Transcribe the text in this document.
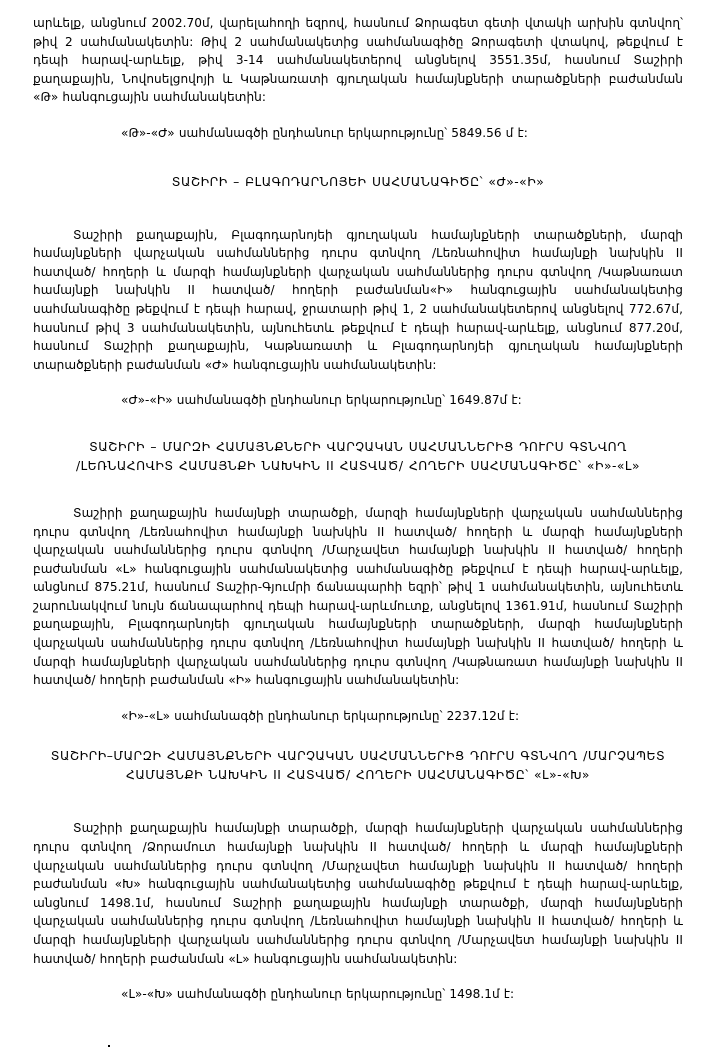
արևելք, անցնում 2002.70մ, վարելահողի եզրով, հասնում Ձորագետ գետի վտակի արխին գտնվող՝ թիվ 2 սահմանակետին: Թիվ 2 սահմանակետից սահմանագիծը Ձորագետի վտակով, թեքվում է դեպի հարավ-արևելք, թիվ 3-14 սահմանակետերով անցնելով 3551.35մ, հասնում Տաշիրի քաղաքային, Նովոսելցովոյի և Կաթնառատի գյուղական համայնքների տարածքների բաժանման «Թ» հանգուցային սահմանակետին:

«Թ»-«Ժ» սահմանագծի ընդհանուր երկարությունը՝ 5849.56 մ է:

ՏԱՇԻՐԻ – ԲԼԱԳՈԴԱՐՆՈՅԵԻ ՍԱՀՄԱՆԱԳԻԾԸ՝ «Ժ»-«Ի»

Տաշիրի քաղաքային, Բլագոդարնոյեի գյուղական համայնքների տարածքների, մարզի համայնքների վարչական սահմաններից դուրս գտնվող /Լեռնահովիտ համայնքի նախկին II հատված/ հողերի և մարզի համայնքների վարչական սահմաններից դուրս գտնվող /Կաթնառատ համայնքի նախկին II հատված/ հողերի բաժանման«Ի» հանգուցային սահմանակետից սահմանագիծը թեքվում է դեպի հարավ, ջրատարի թիվ 1, 2 սահմանակետերով անցնելով 772.67մ, հասնում թիվ 3 սահմանակետին, այնուհետև թեքվում է դեպի հարավ-արևելք, անցնում 877.20մ, հասնում Տաշիրի քաղաքային, Կաթնառատի և Բլագոդարնոյեի գյուղական համայնքների տարածքների բաժանման «Ժ» հանգուցային սահմանակետին:

«Ժ»-«Ի» սահմանագծի ընդհանուր երկարությունը՝ 1649.87մ է:

ՏԱՇԻՐԻ – ՄԱՐԶԻ ՀԱՄԱՅՆՔՆԵՐԻ ՎԱՐՉԱԿԱՆ ՍԱՀՄԱՆՆԵՐԻՑ ԴՈՒՐՍ ԳՏՆՎՈՂ

/ԼԵՌՆԱՀՈՎԻՏ ՀԱՄԱՅՆՔԻ ՆԱԽԿԻՆ II ՀԱՏՎԱԾ/ ՀՈՂԵՐԻ ՍԱՀՄԱՆԱԳԻԾԸ՝ «Ի»-«Լ»

Տաշիրի քաղաքային համայնքի տարածքի, մարզի համայնքների վարչական սահմաններից դուրս գտնվող /Լեռնահովիտ համայնքի նախկին II հատված/ հողերի և մարզի համայնքների վարչական սահմաններից դուրս գտնվող /Մարչավետ համայնքի նախկին II հատված/ հողերի բաժանման «Լ» հանգուցային սահմանակետից սահմանագիծը թեքվում է դեպի հարավ-արևելք, անցնում 875.21մ, հասնում Տաշիր-Գյումրի ճանապարհի եզրի՝ թիվ 1 սահմանակետին, այնուհետև շարունակվում նույն ճանապարհով դեպի հարավ-արևմուտք, անցնելով 1361.91մ, հասնում Տաշիրի քաղաքային, Բլագոդարնոյեի գյուղական համայնքների տարածքների, մարզի համայնքների վարչական սահմաններից դուրս գտնվող /Լեռնահովիտ համայնքի նախկին II հատված/ հողերի և մարզի համայնքների վարչական սահմաններից դուրս գտնվող /Կաթնառատ համայնքի նախկին II հատված/ հողերի բաժանման «Ի» հանգուցային սահմանակետին:

«Ի»-«Լ» սահմանագծի ընդհանուր երկարությունը՝ 2237.12մ է:

ՏԱՇԻՐԻ–ՄԱՐԶԻ ՀԱՄԱՅՆՔՆԵՐԻ ՎԱՐՉԱԿԱՆ ՍԱՀՄԱՆՆԵՐԻՑ ԴՈՒՐՍ ԳՏՆՎՈՂ /ՄԱՐՉԱՊԵՏ

ՀԱՄԱՅՆՔԻ ՆԱԽԿԻՆ II ՀԱՏՎԱԾ/ ՀՈՂԵՐԻ ՍԱՀՄԱՆԱԳԻԾԸ՝ «Լ»-«Խ»

Տաշիրի քաղաքային համայնքի տարածքի, մարզի համայնքների վարչական սահմաններից դուրս գտնվող /Ձորամուտ համայնքի նախկին II հատված/ հողերի և մարզի համայնքների վարչական սահմաններից դուրս գտնվող /Մարչավետ համայնքի նախկին II հատված/ հողերի բաժանման «Խ» հանգուցային սահմանակետից սահմանագիծը թեքվում է դեպի հարավ-արևելք, անցնում 1498.1մ, հասնում Տաշիրի քաղաքային համայնքի տարածքի, մարզի համայնքների վարչական սահմաններից դուրս գտնվող /Լեռնահովիտ համայնքի նախկին II հատված/ հողերի և մարզի համայնքների վարչական սահմաններից դուրս գտնվող /Մարչավետ համայնքի նախկին II հատված/ հողերի բաժանման «Լ» հանգուցային սահմանակետին:

«Լ»-«Խ» սահմանագծի ընդհանուր երկարությունը՝ 1498.1մ է:
